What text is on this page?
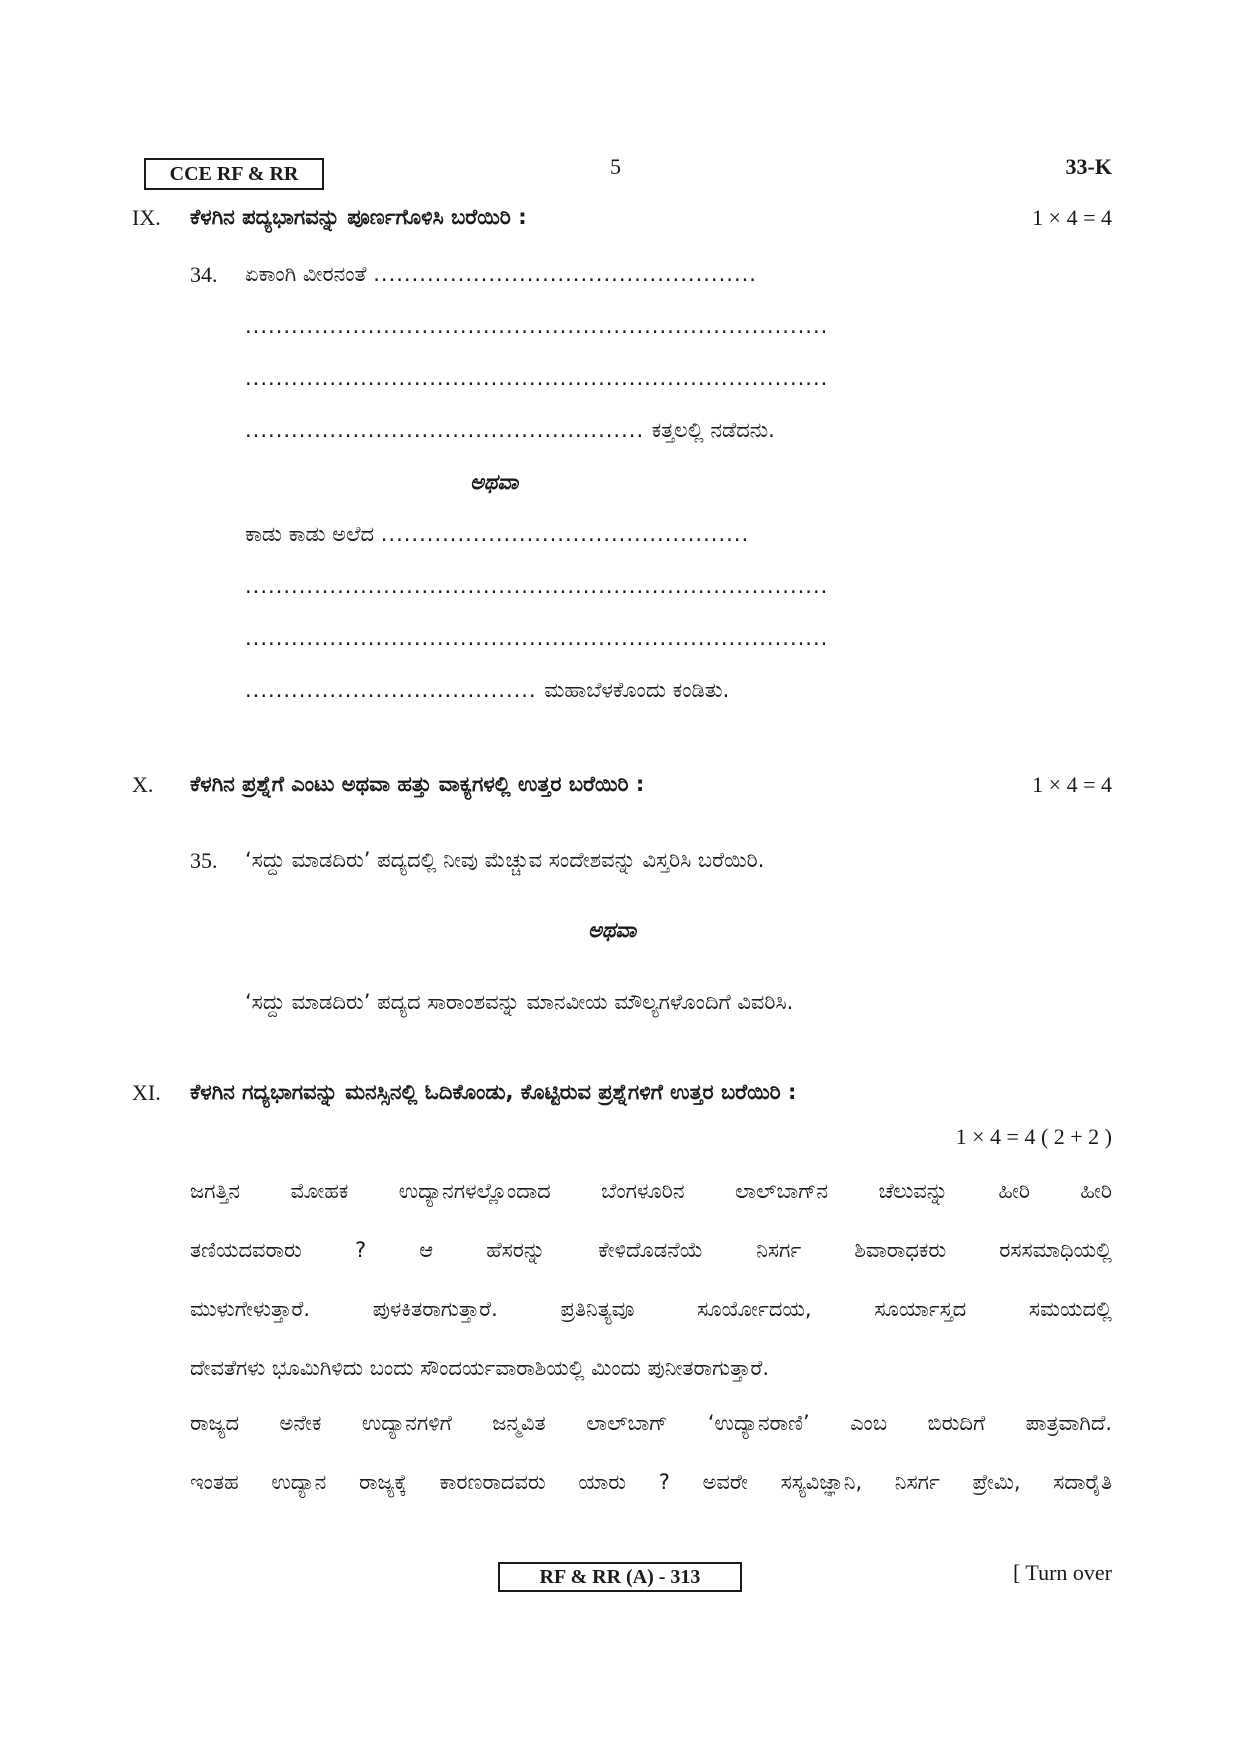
CCE RF & RR	5	33-K
IX. ಕೆಳಗಿನ ಪದ್ಯಭಾಗವನ್ನು ಪೂರ್ಣಗೊಳಿಸಿ ಬರೆಯಿರಿ :	1 × 4 = 4
34. ಏಕಾಂಗಿ ವೀರನಂತೆ ..................................................
............................................................................
............................................................................
.................................................... ಕತ್ತಲಲ್ಲಿ ನಡೆದನು.
ಅಥವಾ
ಕಾಡು ಕಾಡು ಅಲೆದ ................................................
............................................................................
............................................................................
...................................... ಮಹಾಬೆಳಕೊಂದು ಕಂಡಿತು.
X. ಕೆಳಗಿನ ಪ್ರಶ್ನೆಗೆ ಎಂಟು ಅಥವಾ ಹತ್ತು ವಾಕ್ಯಗಳಲ್ಲಿ ಉತ್ತರ ಬರೆಯಿರಿ :	1 × 4 = 4
35. ‘ಸದ್ದು ಮಾಡದಿರು’ ಪದ್ಯದಲ್ಲಿ ನೀವು ಮೆಚ್ಚುವ ಸಂದೇಶವನ್ನು ವಿಸ್ತರಿಸಿ ಬರೆಯಿರಿ.
ಅಥವಾ
‘ಸದ್ದು ಮಾಡದಿರು’ ಪದ್ಯದ ಸಾರಾಂಶವನ್ನು ಮಾನವೀಯ ಮೌಲ್ಯಗಳೊಂದಿಗೆ ವಿವರಿಸಿ.
XI. ಕೆಳಗಿನ ಗದ್ಯಭಾಗವನ್ನು ಮನಸ್ಸಿನಲ್ಲಿ ಓದಿಕೊಂಡು, ಕೊಟ್ಟಿರುವ ಪ್ರಶ್ನೆಗಳಿಗೆ ಉತ್ತರ ಬರೆಯಿರಿ :
1 × 4 = 4 ( 2 + 2 )
ಜಗತ್ತಿನ ಮೋಹಕ ಉದ್ಯಾನಗಳಲ್ಲೊಂದಾದ ಬೆಂಗಳೂರಿನ ಲಾಲ್‌ಬಾಗ್‌ನ ಚೆಲುವನ್ನು ಹೀರಿ ಹೀರಿ
ತಣಿಯದವರಾರು ? ಆ ಹೆಸರನ್ನು ಕೇಳಿದೊಡನೆಯೆ ನಿಸರ್ಗ ಶಿವಾರಾಧಕರು ರಸಸಮಾಧಿಯಲ್ಲಿ
ಮುಳುಗೇಳುತ್ತಾರೆ. ಪುಳಕಿತರಾಗುತ್ತಾರೆ. ಪ್ರತಿನಿತ್ಯವೂ ಸೂರ್ಯೋದಯ, ಸೂರ್ಯಾಸ್ತದ ಸಮಯದಲ್ಲಿ
ದೇವತೆಗಳು ಭೂಮಿಗಿಳಿದು ಬಂದು ಸೌಂದರ್ಯವಾರಾಶಿಯಲ್ಲಿ ಮಿಂದು ಪುನೀತರಾಗುತ್ತಾರೆ.
ರಾಜ್ಯದ ಅನೇಕ ಉದ್ಯಾನಗಳಿಗೆ ಜನ್ಮವಿತ ಲಾಲ್‌ಬಾಗ್ ‘ಉದ್ಯಾನರಾಣಿ’ ಎಂಬ ಬಿರುದಿಗೆ ಪಾತ್ರವಾಗಿದೆ.
ಇಂತಹ ಉದ್ಯಾನ ರಾಜ್ಯಕ್ಕೆ ಕಾರಣರಾದವರು ಯಾರು ? ಅವರೇ ಸಸ್ಯವಿಜ್ಞಾನಿ, ನಿಸರ್ಗ ಪ್ರೇಮಿ, ಸದಾರೈತಿ
RF & RR (A) - 313	[ Turn over
